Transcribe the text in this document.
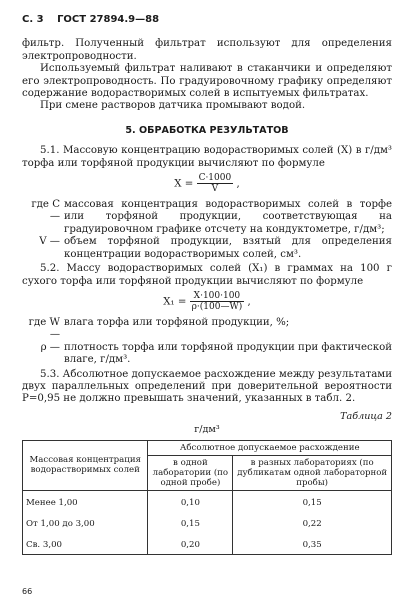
С. 3 ГОСТ 27894.9—88

фильтр. Полученный фильтрат используют для определения электропроводности.

Используемый фильтрат наливают в стаканчики и определяют его электропроводность. По градуировочному графику определяют содержание водорастворимых солей в испытуемых фильтратах.

При смене растворов датчика промывают водой.

5. ОБРАБОТКА РЕЗУЛЬТАТОВ

5.1. Массовую концентрацию водорастворимых солей (X) в г/дм³ торфа или торфяной продукции вычисляют по формуле

$X = \frac{C\cdot 1000}{V}$ ,
где C —
массовая концентрация водорастворимых солей в торфе или торфяной продукции, соответствующая на градуировочном графике отсчету на кондуктометре, г/дм³;
V — объем торфяной продукции, взятый для определения концентрации водорастворимых солей, см³.

5.2. Массу водорастворимых солей (X₁) в граммах на 100 г сухого торфа или торфяной продукции вычисляют по формуле

$X_1 = \frac{X\cdot 100\cdot 100}{\rho\cdot(100—W)}$ ,
где W —
влага торфа или торфяной продукции, %;
ρ — плотность торфа или торфяной продукции при фактической влаге, г/дм³.

5.3. Абсолютное допускаемое расхождение между результатами двух параллельных определений при доверительной вероятности P=0,95 не должно превышать значений, указанных в табл. 2.

Таблица 2
г/дм³
Массовая концентрация водорастворимых солей	Абсолютное допускаемое расхождение	
	в одной лаборатории (по одной пробе)	в разных лабораториях (по дубликатам одной лабораторной пробы)
Менее 1,00	0,10	0,15
От 1,00 до 3,00	0,15	0,22
Св. 3,00	0,20	0,35
66
